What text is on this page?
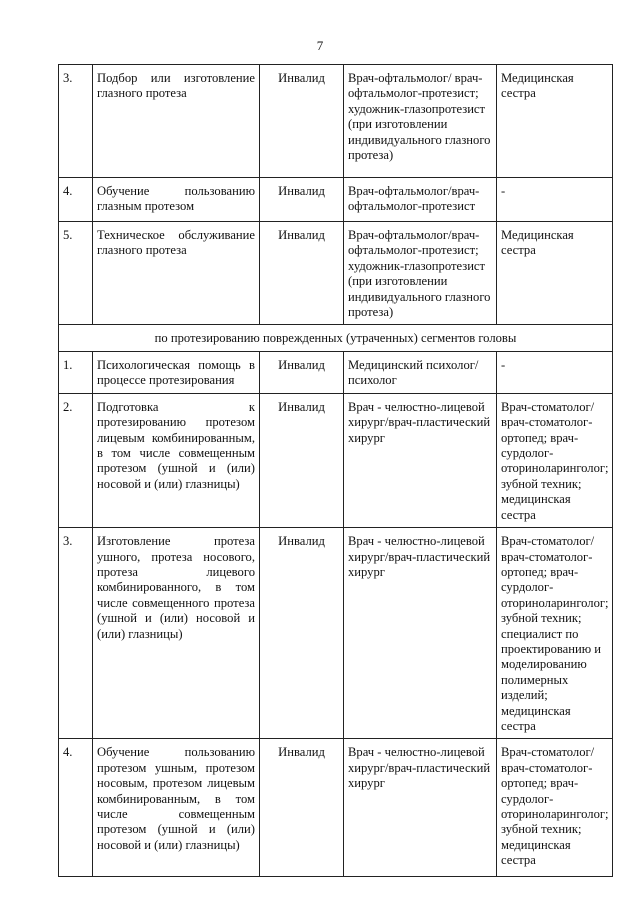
7
3.	Подбор или изготовление глазного протеза	Инвалид	Врач-офтальмолог/ врач-офтальмолог-протезист; художник-глазопротезист (при изготовлении индивидуального глазного протеза)	Медицинская сестра
4.	Обучение пользованию глазным протезом	Инвалид	Врач-офтальмолог/врач-офтальмолог-протезист	-
5.	Техническое обслуживание глазного протеза	Инвалид	Врач-офтальмолог/врач-офтальмолог-протезист; художник-глазопротезист (при изготовлении индивидуального глазного протеза)	Медицинская сестра
по протезированию поврежденных (утраченных) сегментов головы				
1.	Психологическая помощь в процессе протезирования	Инвалид	Медицинский психолог/психолог	-
2.	Подготовка к протезированию протезом лицевым комбинированным, в том числе совмещенным протезом (ушной и (или) носовой и (или) глазницы)	Инвалид	Врач - челюстно-лицевой хирург/врач-пластический хирург	Врач-стоматолог/врач-стоматолог-ортопед; врач-сурдолог-оториноларинголог; зубной техник; медицинская сестра
3.	Изготовление протеза ушного, протеза носового, протеза лицевого комбинированного, в том числе совмещенного протеза (ушной и (или) носовой и (или) глазницы)	Инвалид	Врач - челюстно-лицевой хирург/врач-пластический хирург	Врач-стоматолог/врач-стоматолог-ортопед; врач-сурдолог-оториноларинголог; зубной техник; специалист по проектированию и моделированию полимерных изделий; медицинская сестра
4.	Обучение пользованию протезом ушным, протезом носовым, протезом лицевым комбинированным, в том числе совмещенным протезом (ушной и (или) носовой и (или) глазницы)	Инвалид	Врач - челюстно-лицевой хирург/врач-пластический хирург	Врач-стоматолог/врач-стоматолог-ортопед; врач-сурдолог-оториноларинголог; зубной техник; медицинская сестра
